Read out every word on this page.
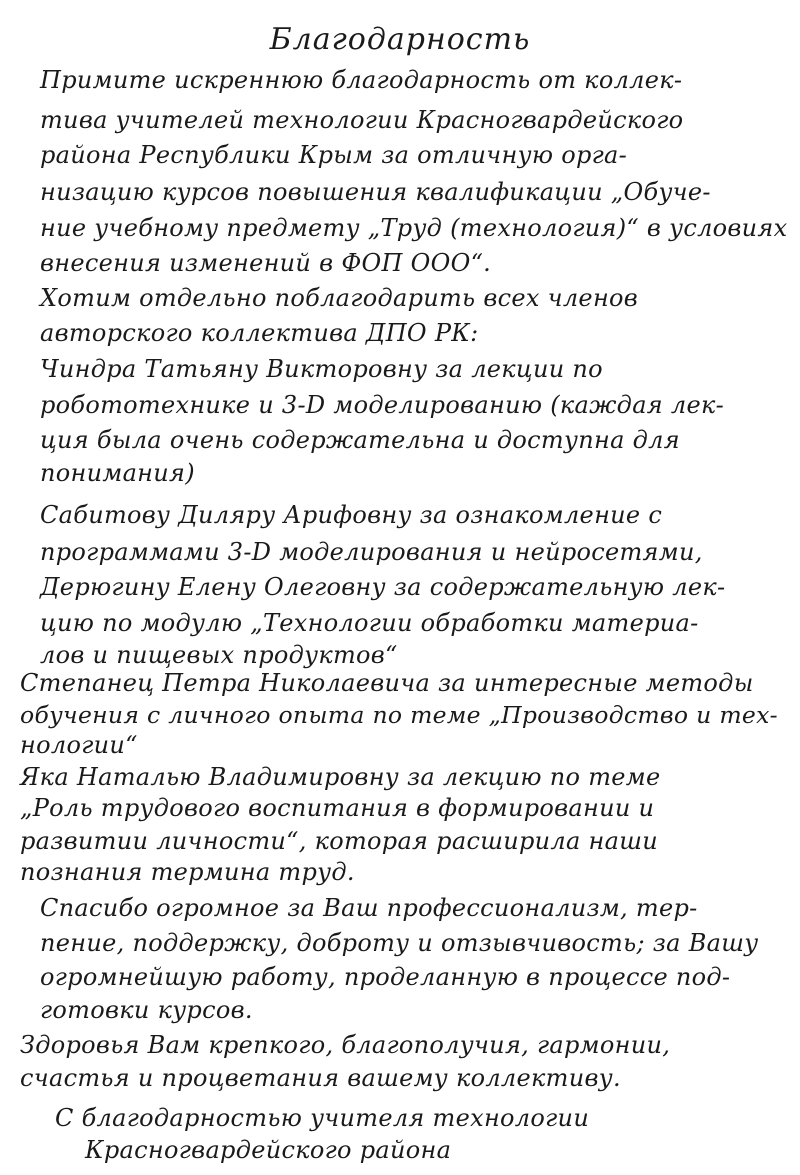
Благодарность
Примите искреннюю благодарность от коллек-
тива учителей технологии Красногвардейского
района Республики Крым за отличную орга-
низацию курсов повышения квалификации „Обуче-
ние учебному предмету „Труд (технология)“ в условиях
внесения изменений в ФОП ООО“.
Хотим отдельно поблагодарить всех членов
авторского коллектива ДПО РК:
Чиндра Татьяну Викторовну за лекции по
робототехнике и 3-D моделированию (каждая лек-
ция была очень содержательна и доступна для
понимания)
Сабитову Диляру Арифовну за ознакомление с
программами 3-D моделирования и нейросетями,
Дерюгину Елену Олеговну за содержательную лек-
цию по модулю „Технологии обработки материа-
лов и пищевых продуктов“
Степанец Петра Николаевича за интересные методы
обучения с личного опыта по теме „Производство и тех-
нологии“
Яка Наталью Владимировну за лекцию по теме
„Роль трудового воспитания в формировании и
развитии личности“, которая расширила наши
познания термина труд.
Спасибо огромное за Ваш профессионализм, тер-
пение, поддержку, доброту и отзывчивость; за Вашу
огромнейшую работу, проделанную в процессе под-
готовки курсов.
Здоровья Вам крепкого, благополучия, гармонии,
счастья и процветания вашему коллективу.
С благодарностью учителя технологии
Красногвардейского района
